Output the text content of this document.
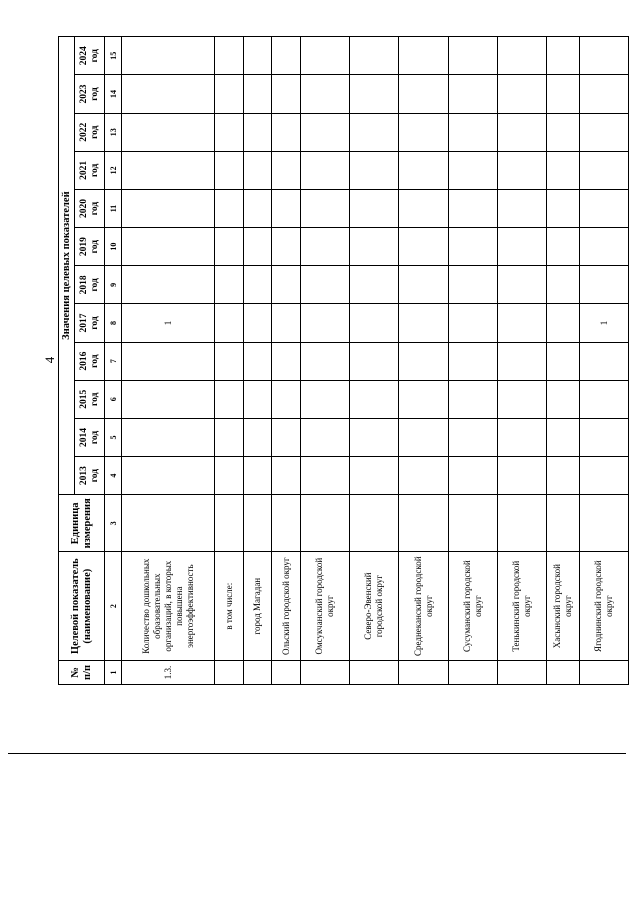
4
№ п/п	Целевой показатель (наименование)	Единица измерения	Значения целевых показателей											
			2013 год	2014 год	2015 год	2016 год	2017 год	2018 год	2019 год	2020 год	2021 год	2022 год	2023 год	2024 год
1	2	3	4	5	6	7	8	9	10	11	12	13	14	15
1.3.	Количество дошкольных образовательных организаций, в которых повышена энергоэффективность						1							
	в том числе:													
	город Магадан													
	Ольский городской округ													
	Омсукчанский городской округ													
	Северо-Эвенский городской округ													
	Среднеканский городской округ													
	Сусуманский городской округ													
	Тенькинский городской округ													
	Хасынский городской округ													
	Ягоднинский городской округ						1							
